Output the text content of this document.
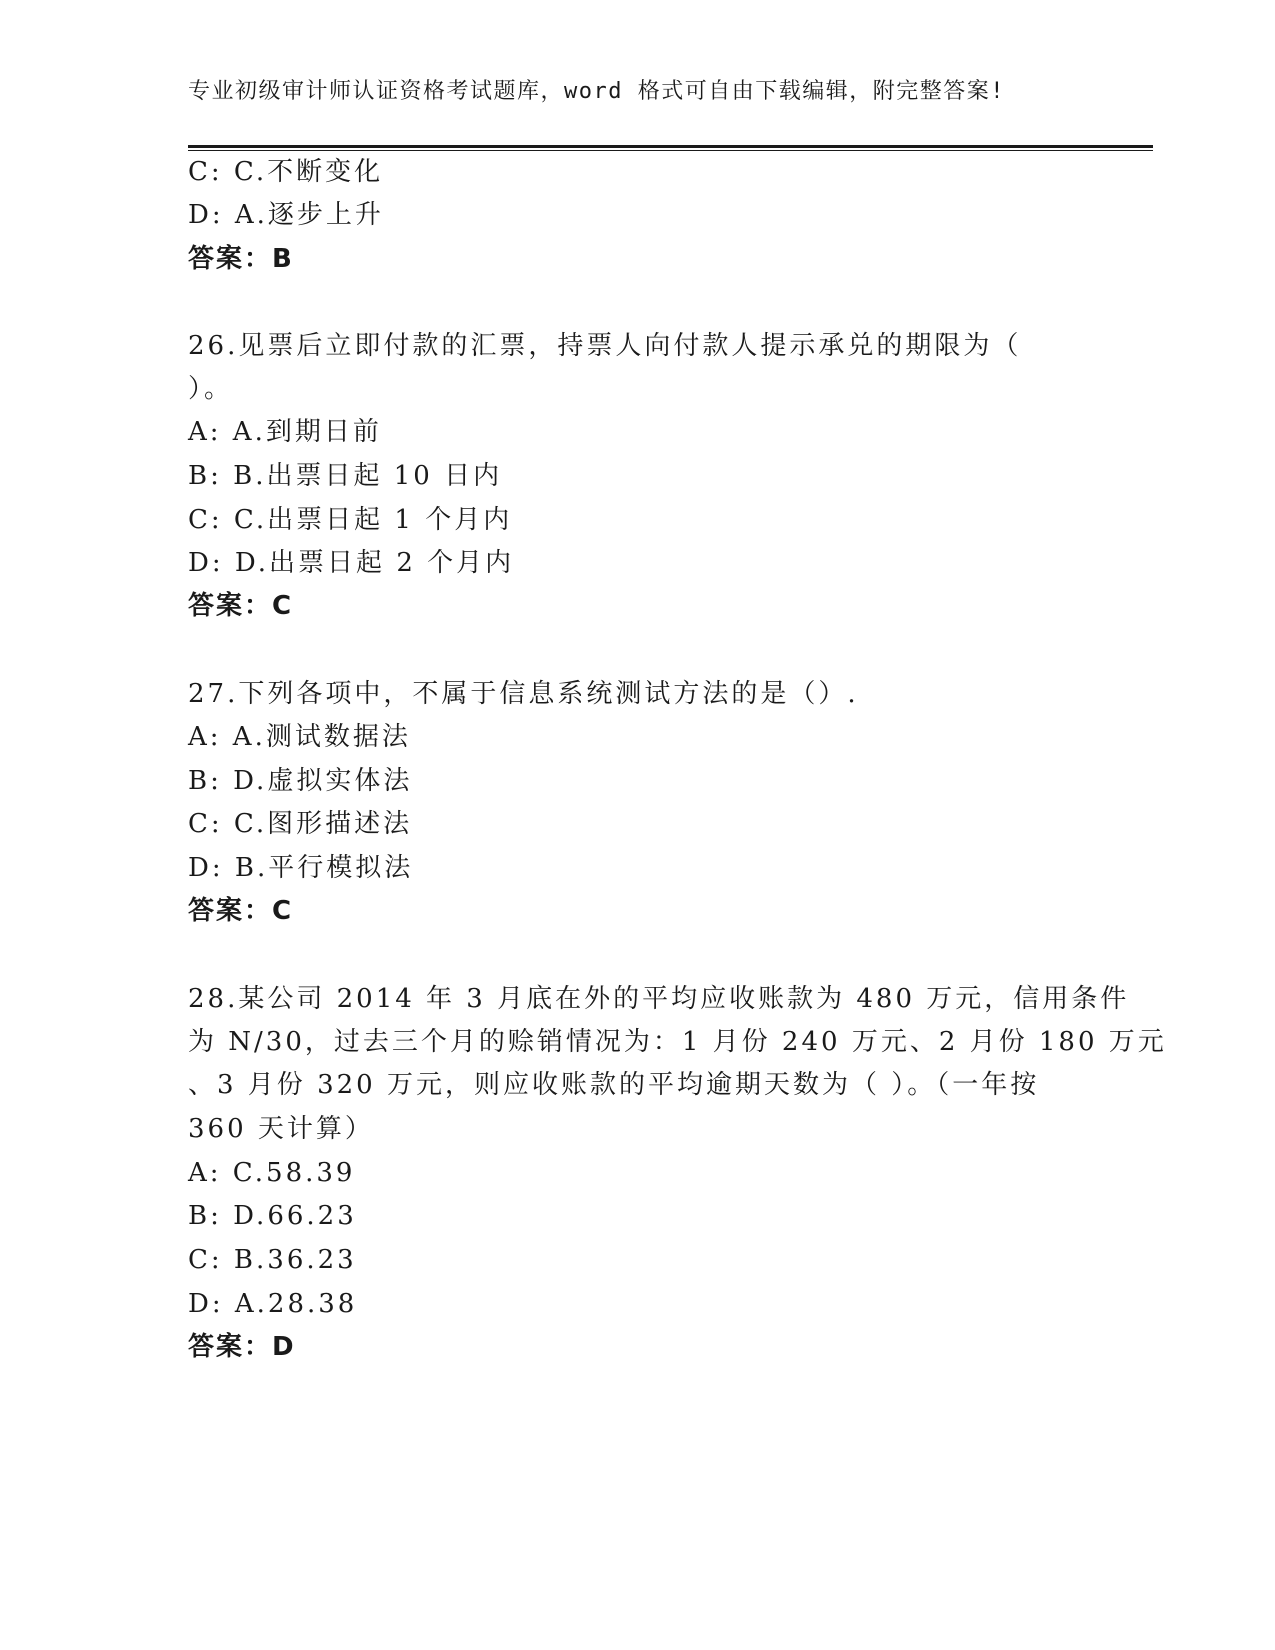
专业初级审计师认证资格考试题库，word 格式可自由下载编辑，附完整答案!
C: C.不断变化
D: A.逐步上升
答案：B
26.见票后立即付款的汇票，持票人向付款人提示承兑的期限为（
）。
A: A.到期日前
B: B.出票日起 10 日内
C: C.出票日起 1 个月内
D: D.出票日起 2 个月内
答案：C
27.下列各项中，不属于信息系统测试方法的是（）.
A: A.测试数据法
B: D.虚拟实体法
C: C.图形描述法
D: B.平行模拟法
答案：C
28.某公司 2014 年 3 月底在外的平均应收账款为 480 万元，信用条件
为 N/30，过去三个月的赊销情况为：1 月份 240 万元、2 月份 180 万元
、3 月份 320 万元，则应收账款的平均逾期天数为（ ）。（一年按
360 天计算）
A: C.58.39
B: D.66.23
C: B.36.23
D: A.28.38
答案：D
